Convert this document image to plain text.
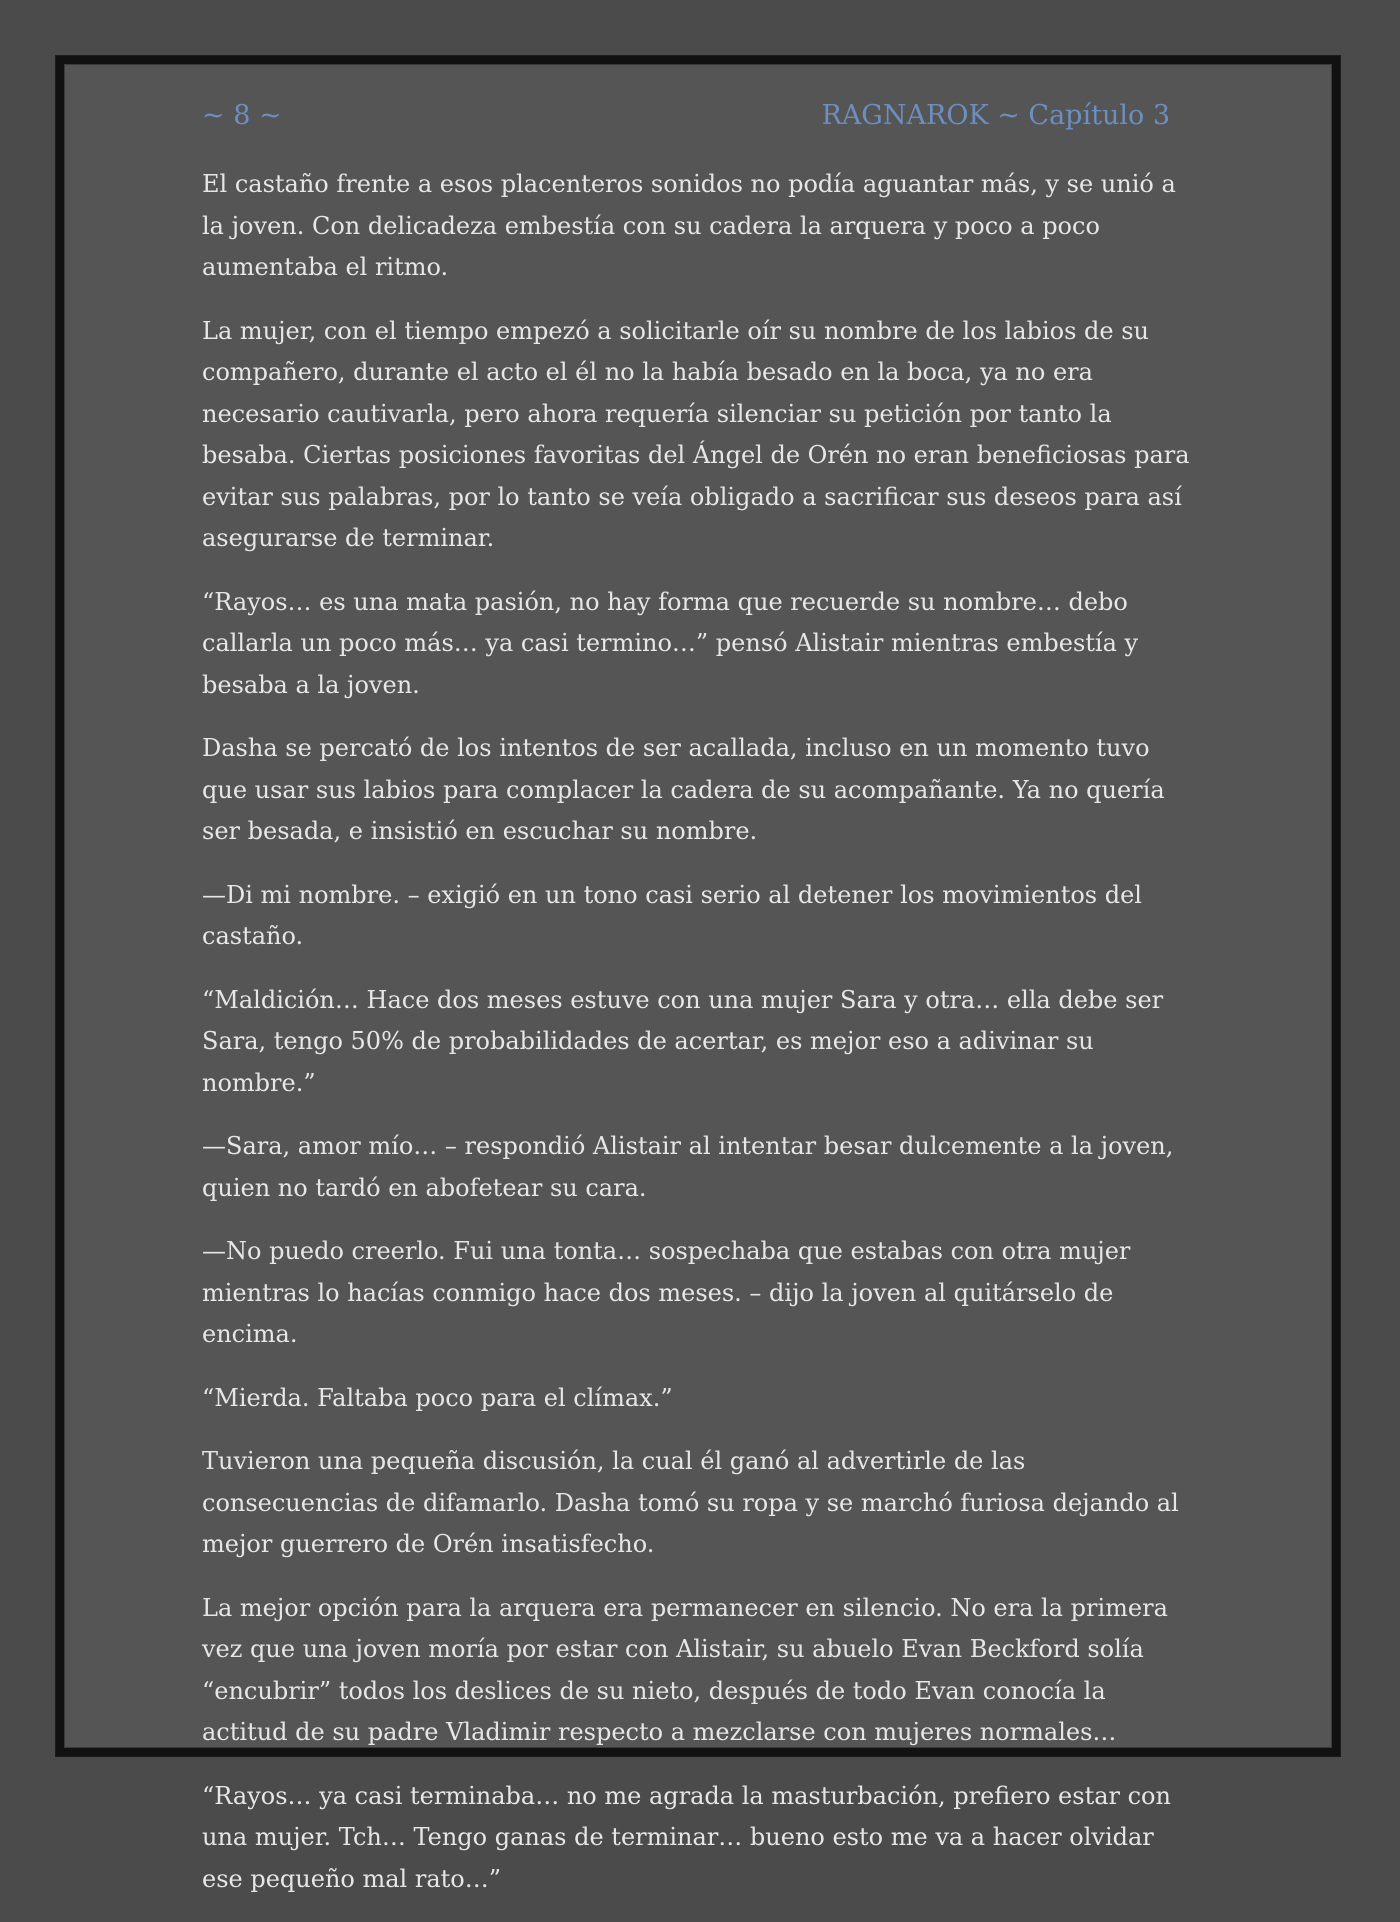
~ 8 ~	RAGNAROK ~ Capítulo 3

El castaño frente a esos placenteros sonidos no podía aguantar más, y se unió a la joven. Con delicadeza embestía con su cadera la arquera y poco a poco aumentaba el ritmo.

La mujer, con el tiempo empezó a solicitarle oír su nombre de los labios de su compañero, durante el acto el él no la había besado en la boca, ya no era necesario cautivarla, pero ahora requería silenciar su petición por tanto la besaba. Ciertas posiciones favoritas del Ángel de Orén no eran beneficiosas para evitar sus palabras, por lo tanto se veía obligado a sacrificar sus deseos para así asegurarse de terminar.

“Rayos… es una mata pasión, no hay forma que recuerde su nombre… debo callarla un poco más… ya casi termino…” pensó Alistair mientras embestía y besaba a la joven.

Dasha se percató de los intentos de ser acallada, incluso en un momento tuvo que usar sus labios para complacer la cadera de su acompañante. Ya no quería ser besada, e insistió en escuchar su nombre.

—Di mi nombre. – exigió en un tono casi serio al detener los movimientos del castaño.

“Maldición… Hace dos meses estuve con una mujer Sara y otra… ella debe ser Sara, tengo 50% de probabilidades de acertar, es mejor eso a adivinar su nombre.”

—Sara, amor mío… – respondió Alistair al intentar besar dulcemente a la joven, quien no tardó en abofetear su cara.

—No puedo creerlo. Fui una tonta… sospechaba que estabas con otra mujer mientras lo hacías conmigo hace dos meses. – dijo la joven al quitárselo de encima.

“Mierda. Faltaba poco para el clímax.”

Tuvieron una pequeña discusión, la cual él ganó al advertirle de las consecuencias de difamarlo. Dasha tomó su ropa y se marchó furiosa dejando al mejor guerrero de Orén insatisfecho.

La mejor opción para la arquera era permanecer en silencio. No era la primera vez que una joven moría por estar con Alistair, su abuelo Evan Beckford solía “encubrir” todos los deslices de su nieto, después de todo Evan conocía la actitud de su padre Vladimir respecto a mezclarse con mujeres normales…

“Rayos… ya casi terminaba… no me agrada la masturbación, prefiero estar con una mujer. Tch… Tengo ganas de terminar… bueno esto me va a hacer olvidar ese pequeño mal rato…”
